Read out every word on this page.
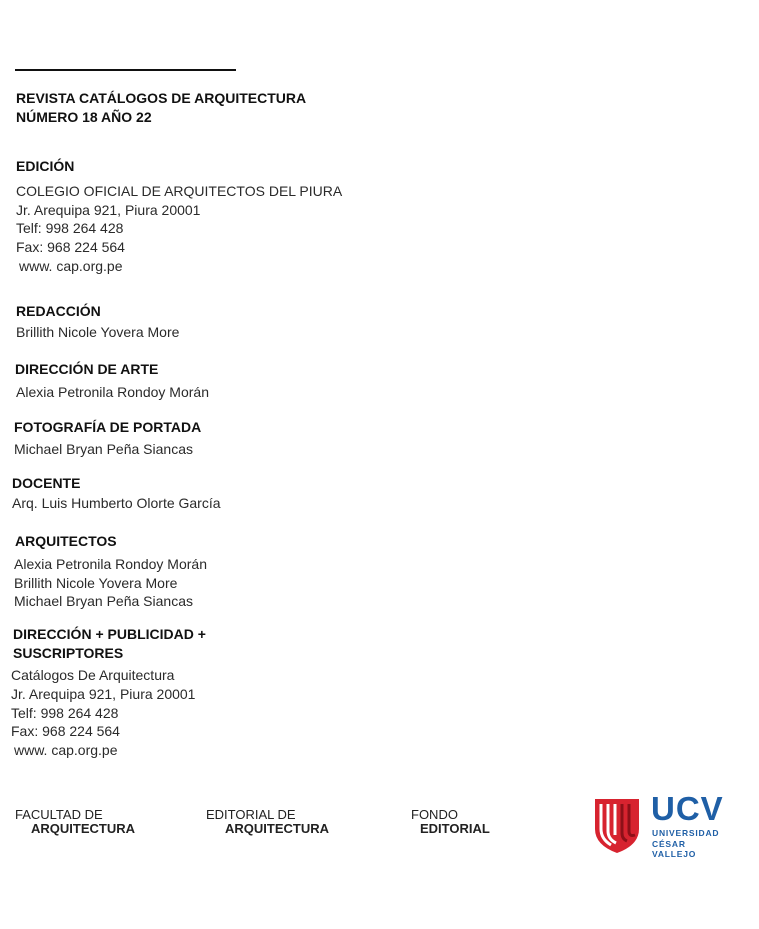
REVISTA CATÁLOGOS DE ARQUITECTURA
NÚMERO 18 AÑO 22
EDICIÓN
COLEGIO OFICIAL DE ARQUITECTOS DEL PIURA
Jr. Arequipa 921, Piura 20001
Telf: 998 264 428
Fax: 968 224 564
www. cap.org.pe
REDACCIÓN
Brillith Nicole Yovera More
DIRECCIÓN DE ARTE
Alexia Petronila Rondoy Morán
FOTOGRAFÍA DE PORTADA
Michael Bryan Peña Siancas
DOCENTE
Arq. Luis Humberto Olorte García
ARQUITECTOS
Alexia Petronila Rondoy Morán
Brillith Nicole Yovera More
Michael Bryan Peña Siancas
DIRECCIÓN + PUBLICIDAD +
SUSCRIPTORES
Catálogos De Arquitectura
Jr. Arequipa 921, Piura 20001
Telf: 998 264 428
Fax: 968 224 564
www. cap.org.pe
FACULTAD DE
ARQUITECTURA
EDITORIAL DE
ARQUITECTURA
FONDO
EDITORIAL
UCV
UNIVERSIDAD
CÉSAR VALLEJO
